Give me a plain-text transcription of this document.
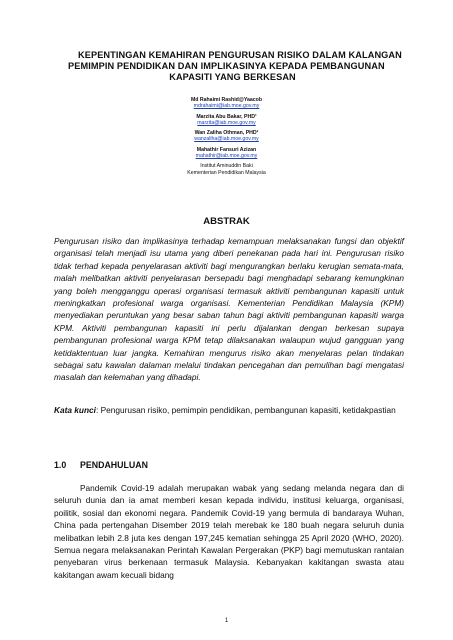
KEPENTINGAN KEMAHIRAN PENGURUSAN RISIKO DALAM KALANGAN
PEMIMPIN PENDIDIKAN DAN IMPLIKASINYA KEPADA PEMBANGUNAN
KAPASITI YANG BERKESAN
Md Rahaimi Rashid@Yaacob
mdrahaimi@iab.moe.gov.my
Marzita Abu Bakar, PHD¹
marzita@iab.moe.gov.my
Wan Zaliha Othman, PHD²
wanzaliha@iab.moe.gov.my
Mahathir Fansuri Azizan
mahathir@iab.moe.gov.my
Institut Aminuddin Baki
Kementerian Pendidikan Malaysia
ABSTRAK
Pengurusan risiko dan implikasinya terhadap kemampuan melaksanakan fungsi dan objektif organisasi telah menjadi isu utama yang diberi penekanan pada hari ini. Pengurusan risiko tidak terhad kepada penyelarasan aktiviti bagi mengurangkan berlaku kerugian semata-mata, malah melibatkan aktiviti penyelarasan bersepadu bagi menghadapi sebarang kemungkinan yang boleh mengganggu operasi organisasi termasuk aktiviti pembangunan kapasiti untuk meningkatkan profesional warga organisasi. Kementerian Pendidikan Malaysia (KPM) menyediakan peruntukan yang besar saban tahun bagi aktiviti pembangunan kapasiti warga KPM. Aktiviti pembangunan kapasiti ini perlu dijalankan dengan berkesan supaya pembangunan profesional warga KPM tetap dilaksanakan walaupun wujud gangguan yang ketidaktentuan luar jangka. Kemahiran mengurus risiko akan menyelaras pelan tindakan sebagai satu kawalan dalaman melalui tindakan pencegahan dan pemulihan bagi mengatasi masalah dan kelemahan yang dihadapi.
Kata kunci: Pengurusan risiko, pemimpin pendidikan, pembangunan kapasiti, ketidakpastian
1.0 PENDAHULUAN
Pandemik Covid-19 adalah merupakan wabak yang sedang melanda negara dan di seluruh dunia dan ia amat memberi kesan kepada individu, institusi keluarga, organisasi, poilitik, sosial dan ekonomi negara. Pandemik Covid-19 yang bermula di bandaraya Wuhan, China pada pertengahan Disember 2019 telah merebak ke 180 buah negara seluruh dunia melibatkan lebih 2.8 juta kes dengan 197,245 kematian sehingga 25 April 2020 (WHO, 2020). Semua negara melaksanakan Perintah Kawalan Pergerakan (PKP) bagi memutuskan rantaian penyebaran virus berkenaan termasuk Malaysia. Kebanyakan kakitangan swasta atau kakitangan awam kecuali bidang
1
